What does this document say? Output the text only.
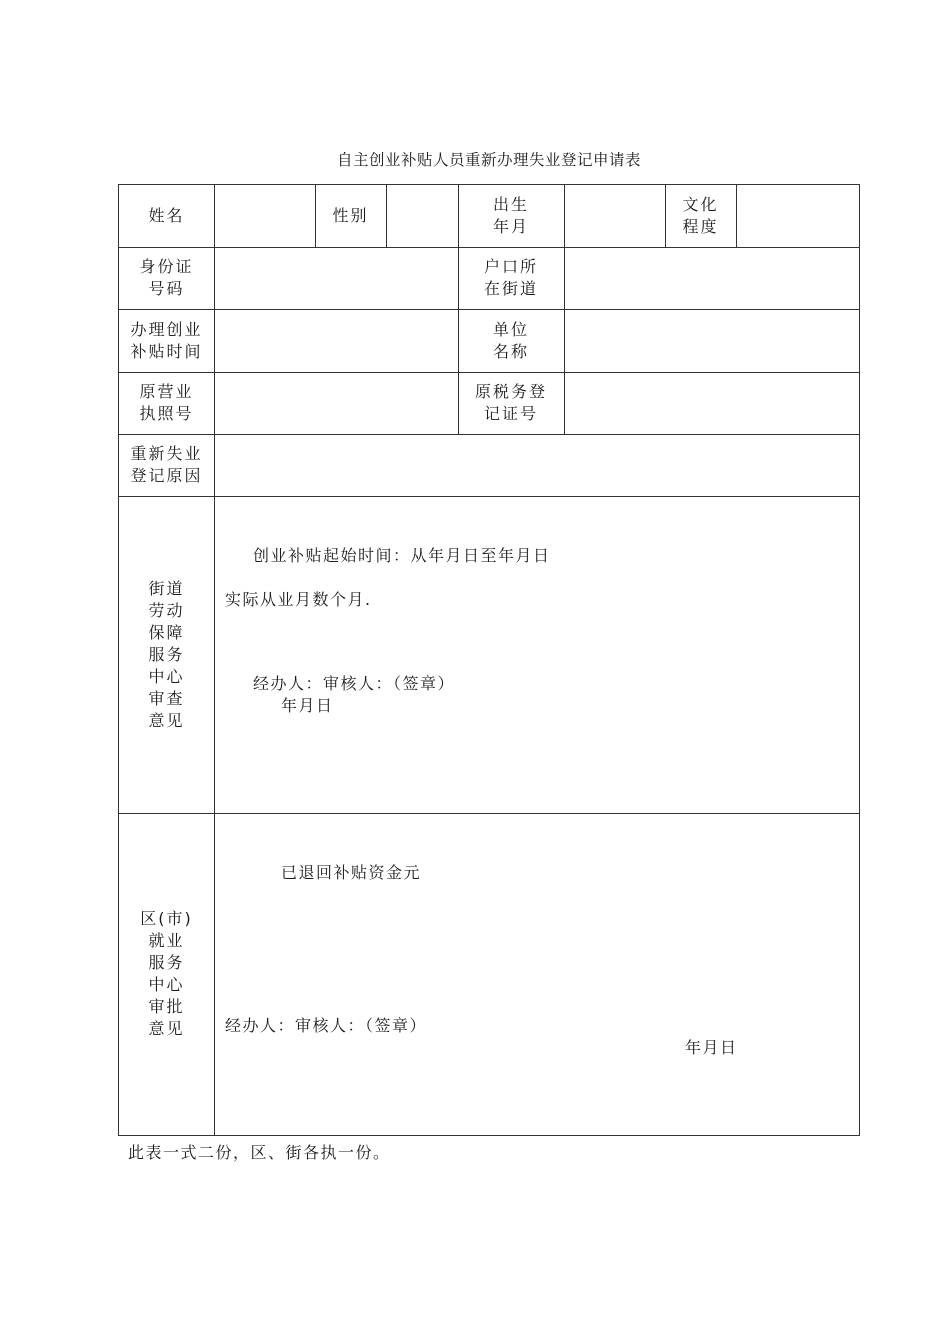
自主创业补贴人员重新办理失业登记申请表
姓名	性别
出生
年月
文化
程度
身份证
号码
户口所
在街道
办理创业
补贴时间
单位
名称
原营业
执照号
原税务登
记证号
重新失业
登记原因
街道
劳动
保障
服务
中心
审查
意见
创业补贴起始时间：从年月日至年月日
实际从业月数个月.
经办人：审核人：（签章）
年月日
区(市)
就业
服务
中心
审批
意见
已退回补贴资金元
经办人：审核人：（签章）
年月日
此表一式二份，区、街各执一份。
